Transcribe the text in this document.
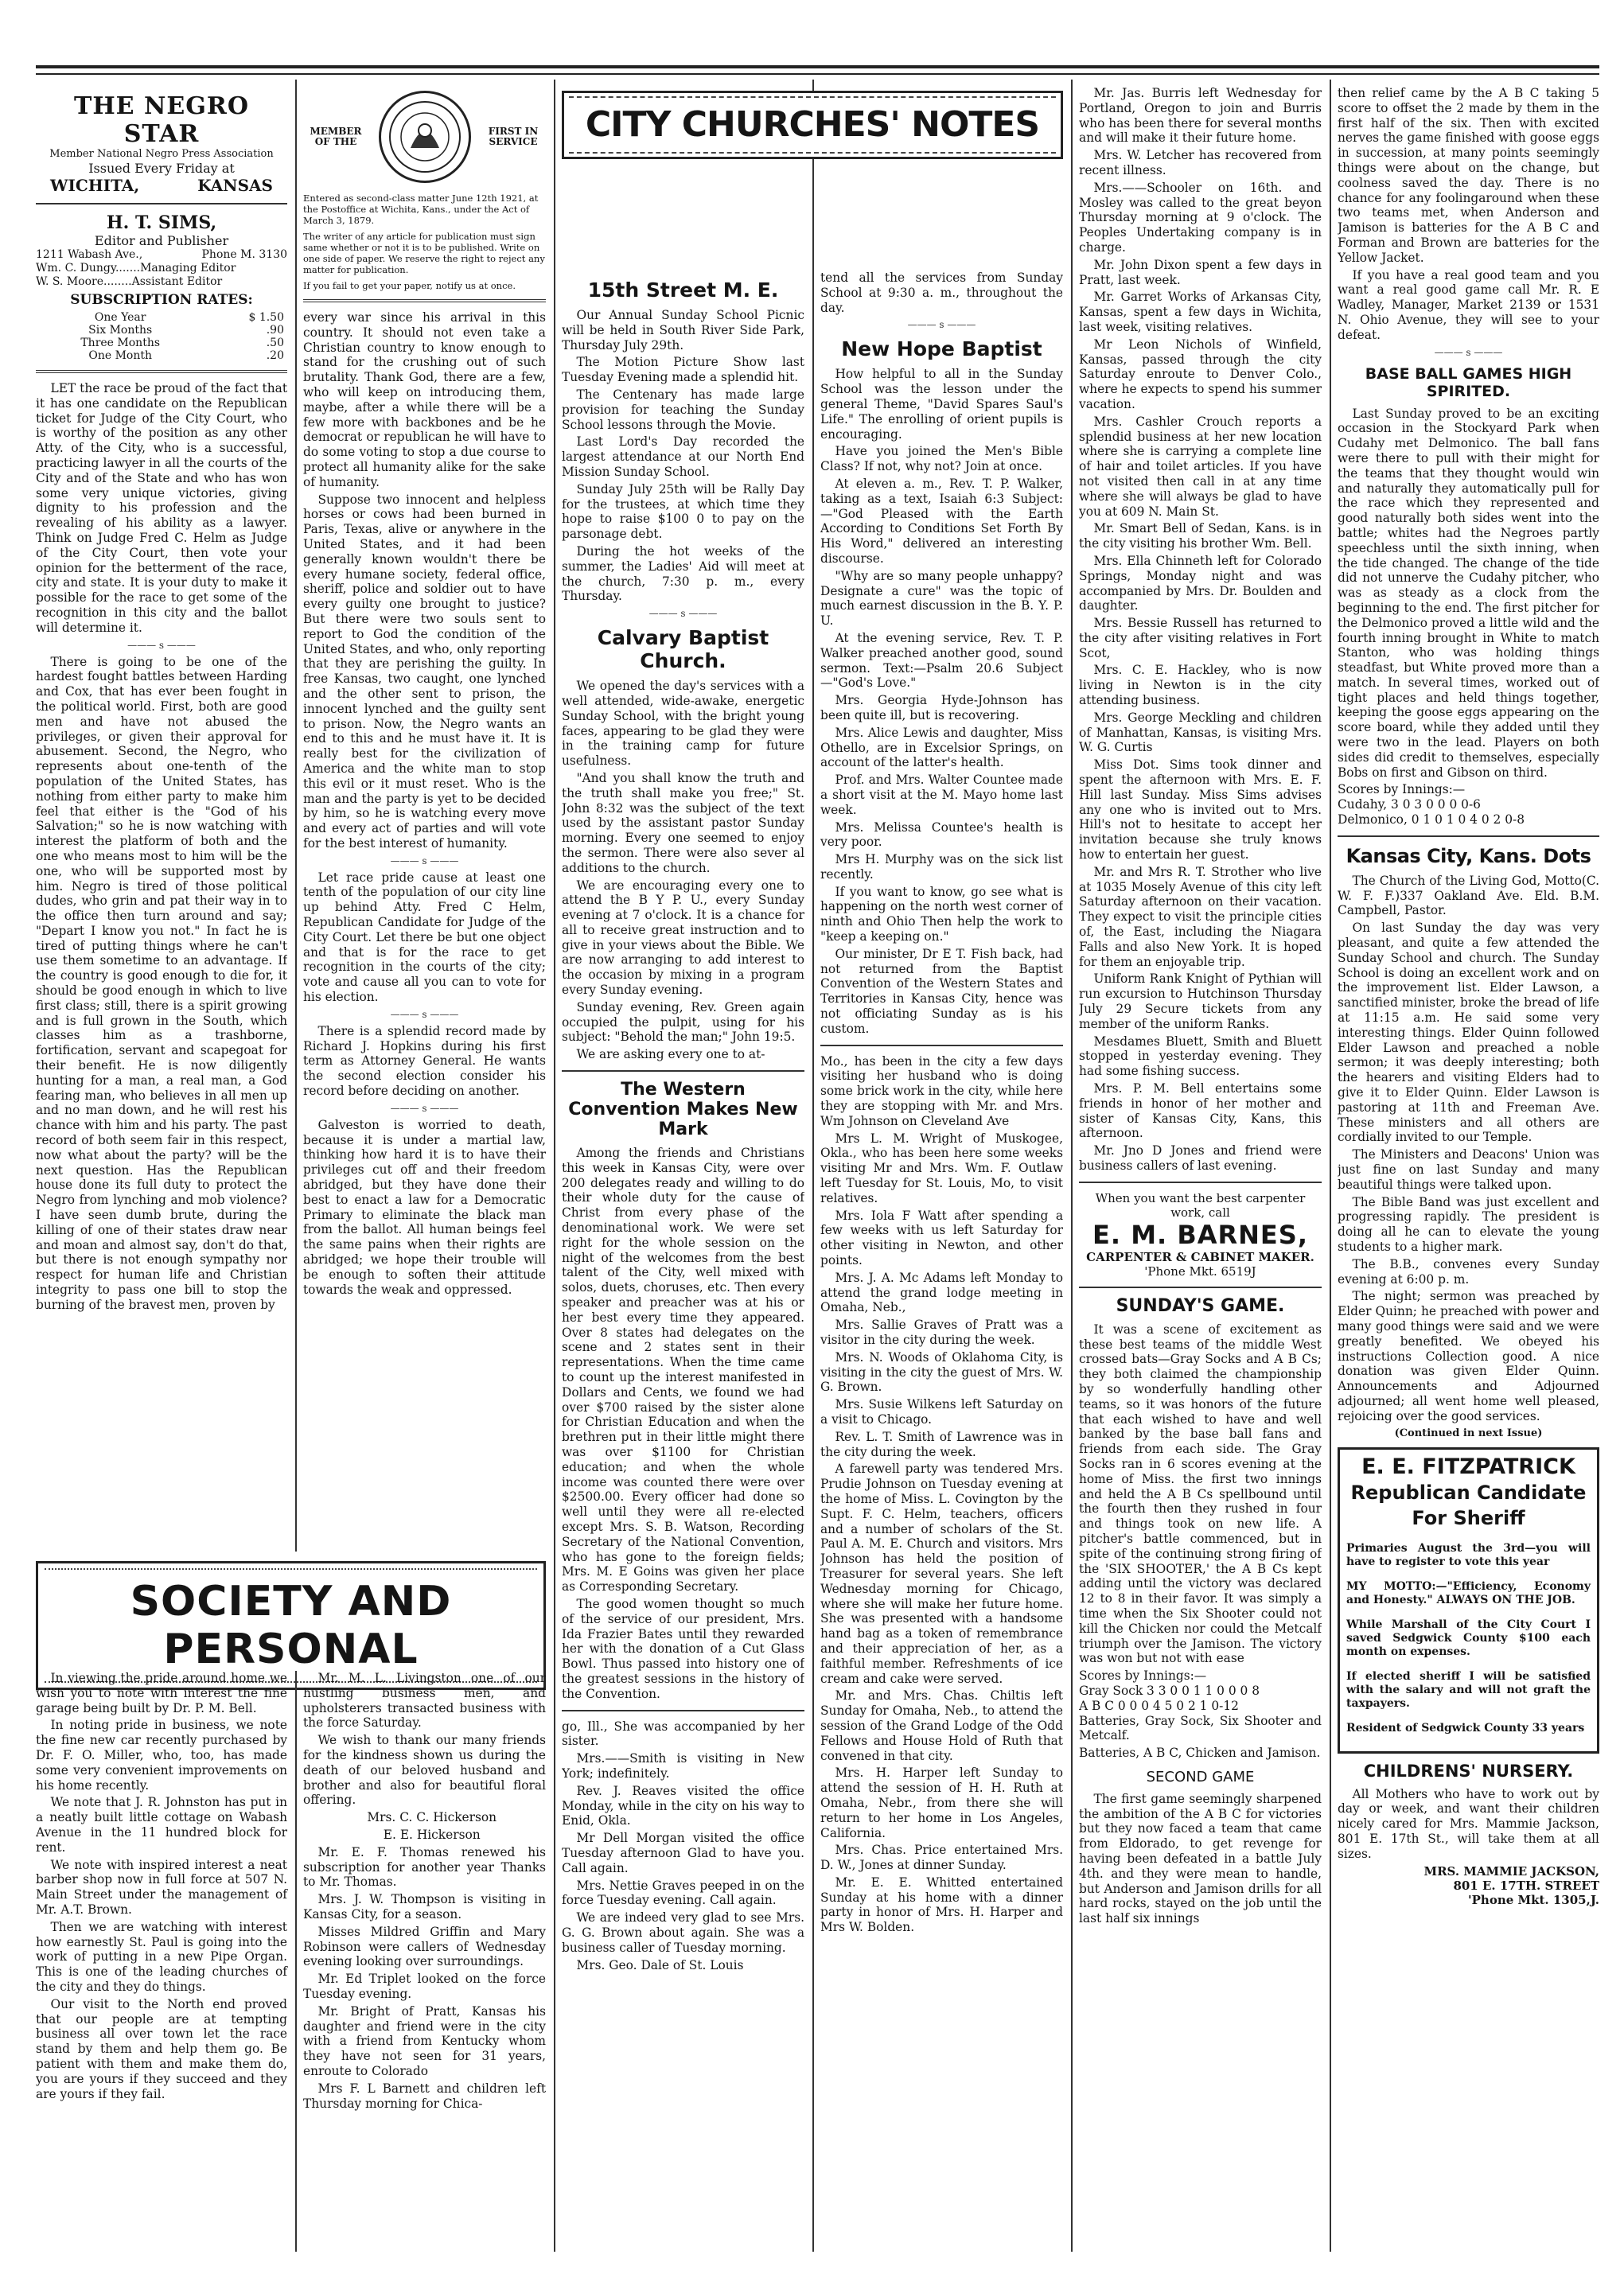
THE NEGRO STAR
Member National Negro Press Association
Issued Every Friday at
WICHITA,	KANSAS
H. T. SIMS,
Editor and Publisher
1211 Wabash Ave.,	Phone M. 3130
Wm. C. Dungy.......Managing Editor
W. S. Moore........Assistant Editor
SUBSCRIPTION RATES:
One Year	$ 1.50
Six Months	.90
Three Months	.50
One Month	.20

LET the race be proud of the fact that it has one candidate on the Republican ticket for Judge of the City Court, who is worthy of the position as any other Atty. of the City, who is a successful, practicing lawyer in all the courts of the City and of the State and who has won some very unique victories, giving dignity to his profession and the revealing of his ability as a lawyer. Think on Judge Fred C. Helm as Judge of the City Court, then vote your opinion for the betterment of the race, city and state. It is your duty to make it possible for the race to get some of the recognition in this city and the ballot will determine it.

——— s ———

There is going to be one of the hardest fought battles between Harding and Cox, that has ever been fought in the political world. First, both are good men and have not abused the privileges, or given their approval for abusement. Second, the Negro, who represents about one-tenth of the population of the United States, has nothing from either party to make him feel that either is the "God of his Salvation;" so he is now watching with interest the platform of both and the one who means most to him will be the one, who will be supported most by him. Negro is tired of those political dudes, who grin and pat their way in to the office then turn around and say; "Depart I know you not." In fact he is tired of putting things where he can't use them sometime to an advantage. If the country is good enough to die for, it should be good enough in which to live first class; still, there is a spirit growing and is full grown in the South, which classes him as a trashborne, fortification, servant and scapegoat for their benefit. He is now diligently hunting for a man, a real man, a God fearing man, who believes in all men up and no man down, and he will rest his chance with him and his party. The past record of both seem fair in this respect, now what about the party? will be the next question. Has the Republican house done its full duty to protect the Negro from lynching and mob violence? I have seen dumb brute, during the killing of one of their states draw near and moan and almost say, don't do that, but there is not enough sympathy nor respect for human life and Christian integrity to pass one bill to stop the burning of the bravest men, proven by

MEMBER OF THE
FIRST IN SERVICE
Entered as second-class matter June 12th 1921, at the Postoffice at Wichita, Kans., under the Act of March 3, 1879.
The writer of any article for publication must sign same whether or not it is to be published. Write on one side of paper. We reserve the right to reject any matter for publication.
If you fail to get your paper, notify us at once.

every war since his arrival in this country. It should not even take a Christian country to know enough to stand for the crushing out of such brutality. Thank God, there are a few, who will keep on introducing them, maybe, after a while there will be a few more with backbones and be he democrat or republican he will have to do some voting to stop a due course to protect all humanity alike for the sake of humanity.

Suppose two innocent and helpless horses or cows had been burned in Paris, Texas, alive or anywhere in the United States, and it had been generally known wouldn't there be every humane society, federal office, sheriff, police and soldier out to have every guilty one brought to justice? But there were two souls sent to report to God the condition of the United States, and who, only reporting that they are perishing the guilty. In free Kansas, two caught, one lynched and the other sent to prison, the innocent lynched and the guilty sent to prison. Now, the Negro wants an end to this and he must have it. It is really best for the civilization of America and the white man to stop this evil or it must reset. Who is the man and the party is yet to be decided by him, so he is watching every move and every act of parties and will vote for the best interest of humanity.

——— s ———

Let race pride cause at least one tenth of the population of our city line up behind Atty. Fred C Helm, Republican Candidate for Judge of the City Court. Let there be but one object and that is for the race to get recognition in the courts of the city; vote and cause all you can to vote for his election.

——— s ———

There is a splendid record made by Richard J. Hopkins during his first term as Attorney General. He wants the second election consider his record before deciding on another.

——— s ———

Galveston is worried to death, because it is under a martial law, thinking how hard it is to have their privileges cut off and their freedom abridged, but they have done their best to enact a law for a Democratic Primary to eliminate the black man from the ballot. All human beings feel the same pains when their rights are abridged; we hope their trouble will be enough to soften their attitude towards the weak and oppressed.

SOCIETY AND PERSONAL

In viewing the pride around home we wish you to note with interest the fine garage being built by Dr. P. M. Bell.

In noting pride in business, we note the fine new car recently purchased by Dr. F. O. Miller, who, too, has made some very convenient improvements on his home recently.

We note that J. R. Johnston has put in a neatly built little cottage on Wabash Avenue in the 11 hundred block for rent.

We note with inspired interest a neat barber shop now in full force at 507 N. Main Street under the management of Mr. A.T. Brown.

Then we are watching with interest how earnestly St. Paul is going into the work of putting in a new Pipe Organ. This is one of the leading churches of the city and they do things.

Our visit to the North end proved that our people are at tempting business all over town let the race stand by them and help them go. Be patient with them and make them do, you are yours if they succeed and they are yours if they fail.

Mr. M. L. Livingston one of our hustling business men, and upholsterers transacted business with the force Saturday.

We wish to thank our many friends for the kindness shown us during the death of our beloved husband and brother and also for beautiful floral offering.

Mrs. C. C. Hickerson

E. E. Hickerson

Mr. E. F. Thomas renewed his subscription for another year Thanks to Mr. Thomas.

Mrs. J. W. Thompson is visiting in Kansas City, for a season.

Misses Mildred Griffin and Mary Robinson were callers of Wednesday evening looking over surroundings.

Mr. Ed Triplet looked on the force Tuesday evening.

Mr. Bright of Pratt, Kansas his daughter and friend were in the city with a friend from Kentucky whom they have not seen for 31 years, enroute to Colorado

Mrs F. L Barnett and children left Thursday morning for Chica-

CITY CHURCHES' NOTES
15th Street M. E.

Our Annual Sunday School Picnic will be held in South River Side Park, Thursday July 29th.

The Motion Picture Show last Tuesday Evening made a splendid hit.

The Centenary has made large provision for teaching the Sunday School lessons through the Movie.

Last Lord's Day recorded the largest attendance at our North End Mission Sunday School.

Sunday July 25th will be Rally Day for the trustees, at which time they hope to raise $100 0 to pay on the parsonage debt.

During the hot weeks of the summer, the Ladies' Aid will meet at the church, 7:30 p. m., every Thursday.

——— s ———
Calvary Baptist Church.

We opened the day's services with a well attended, wide-awake, energetic Sunday School, with the bright young faces, appearing to be glad they were in the training camp for future usefulness.

"And you shall know the truth and the truth shall make you free;" St. John 8:32 was the subject of the text used by the assistant pastor Sunday morning. Every one seemed to enjoy the sermon. There were also sever al additions to the church.

We are encouraging every one to attend the B Y P. U., every Sunday evening at 7 o'clock. It is a chance for all to receive great instruction and to give in your views about the Bible. We are now arranging to add interest to the occasion by mixing in a program every Sunday evening.

Sunday evening, Rev. Green again occupied the pulpit, using for his subject: "Behold the man;" John 19:5.

We are asking every one to at-

The Western Convention Makes New Mark

Among the friends and Christians this week in Kansas City, were over 200 delegates ready and willing to do their whole duty for the cause of Christ from every phase of the denominational work. We were set right for the whole session on the night of the welcomes from the best talent of the City, well mixed with solos, duets, choruses, etc. Then every speaker and preacher was at his or her best every time they appeared. Over 8 states had delegates on the scene and 2 states sent in their representations. When the time came to count up the interest manifested in Dollars and Cents, we found we had over $700 raised by the sister alone for Christian Education and when the brethren put in their little might there was over $1100 for Christian education; and when the whole income was counted there were over $2500.00. Every officer had done so well until they were all re-elected except Mrs. S. B. Watson, Recording Secretary of the National Convention, who has gone to the foreign fields; Mrs. M. E Goins was given her place as Corresponding Secretary.

The good women thought so much of the service of our president, Mrs. Ida Frazier Bates until they rewarded her with the donation of a Cut Glass Bowl. Thus passed into history one of the greatest sessions in the history of the Convention.

go, Ill., She was accompanied by her sister.

Mrs.——Smith is visiting in New York; indefinitely.

Rev. J. Reaves visited the office Monday, while in the city on his way to Enid, Okla.

Mr Dell Morgan visited the office Tuesday afternoon Glad to have you. Call again.

Mrs. Nettie Graves peeped in on the force Tuesday evening. Call again.

We are indeed very glad to see Mrs. G. G. Brown about again. She was a business caller of Tuesday morning.

Mrs. Geo. Dale of St. Louis

tend all the services from Sunday School at 9:30 a. m., throughout the day.

——— s ———
New Hope Baptist

How helpful to all in the Sunday School was the lesson under the general Theme, "David Spares Saul's Life." The enrolling of orient pupils is encouraging.

Have you joined the Men's Bible Class? If not, why not? Join at once.

At eleven a. m., Rev. T. P. Walker, taking as a text, Isaiah 6:3 Subject:—"God Pleased with the Earth According to Conditions Set Forth By His Word," delivered an interesting discourse.

"Why are so many people unhappy? Designate a cure" was the topic of much earnest discussion in the B. Y. P. U.

At the evening service, Rev. T. P. Walker preached another good, sound sermon. Text:—Psalm 20.6 Subject—"God's Love."

Mrs. Georgia Hyde-Johnson has been quite ill, but is recovering.

Mrs. Alice Lewis and daughter, Miss Othello, are in Excelsior Springs, on account of the latter's health.

Prof. and Mrs. Walter Countee made a short visit at the M. Mayo home last week.

Mrs. Melissa Countee's health is very poor.

Mrs H. Murphy was on the sick list recently.

If you want to know, go see what is happening on the north west corner of ninth and Ohio Then help the work to "keep a keeping on."

Our minister, Dr E T. Fish back, had not returned from the Baptist Convention of the Western States and Territories in Kansas City, hence was not officiating Sunday as is his custom.

Mo., has been in the city a few days visiting her husband who is doing some brick work in the city, while here they are stopping with Mr. and Mrs. Wm Johnson on Cleveland Ave

Mrs L. M. Wright of Muskogee, Okla., who has been here some weeks visiting Mr and Mrs. Wm. F. Outlaw left Tuesday for St. Louis, Mo, to visit relatives.

Mrs. Iola F Watt after spending a few weeks with us left Saturday for other visiting in Newton, and other points.

Mrs. J. A. Mc Adams left Monday to attend the grand lodge meeting in Omaha, Neb.,

Mrs. Sallie Graves of Pratt was a visitor in the city during the week.

Mrs. N. Woods of Oklahoma City, is visiting in the city the guest of Mrs. W. G. Brown.

Mrs. Susie Wilkens left Saturday on a visit to Chicago.

Rev. L. T. Smith of Lawrence was in the city during the week.

A farewell party was tendered Mrs. Prudie Johnson on Tuesday evening at the home of Miss. L. Covington by the Supt. F. C. Helm, teachers, officers and a number of scholars of the St. Paul A. M. E. Church and visitors. Mrs Johnson has held the position of Treasurer for several years. She left Wednesday morning for Chicago, where she will make her future home. She was presented with a handsome hand bag as a token of remembrance and their appreciation of her, as a faithful member. Refreshments of ice cream and cake were served.

Mr. and Mrs. Chas. Chiltis left Sunday for Omaha, Neb., to attend the session of the Grand Lodge of the Odd Fellows and House Hold of Ruth that convened in that city.

Mrs. H. Harper left Sunday to attend the session of H. H. Ruth at Omaha, Nebr., from there she will return to her home in Los Angeles, California.

Mrs. Chas. Price entertained Mrs. D. W., Jones at dinner Sunday.

Mr. E. E. Whitted entertained Sunday at his home with a dinner party in honor of Mrs. H. Harper and Mrs W. Bolden.

Mr. Jas. Burris left Wednesday for Portland, Oregon to join and Burris who has been there for several months and will make it their future home.

Mrs. W. Letcher has recovered from recent illness.

Mrs.——Schooler on 16th. and Mosley was called to the great beyon Thursday morning at 9 o'clock. The Peoples Undertaking company is in charge.

Mr. John Dixon spent a few days in Pratt, last week.

Mr. Garret Works of Arkansas City, Kansas, spent a few days in Wichita, last week, visiting relatives.

Mr Leon Nichols of Winfield, Kansas, passed through the city Saturday enroute to Denver Colo., where he expects to spend his summer vacation.

Mrs. Cashler Crouch reports a splendid business at her new location where she is carrying a complete line of hair and toilet articles. If you have not visited then call in at any time where she will always be glad to have you at 609 N. Main St.

Mr. Smart Bell of Sedan, Kans. is in the city visiting his brother Wm. Bell.

Mrs. Ella Chinneth left for Colorado Springs, Monday night and was accompanied by Mrs. Dr. Boulden and daughter.

Mrs. Bessie Russell has returned to the city after visiting relatives in Fort Scot,

Mrs. C. E. Hackley, who is now living in Newton is in the city attending business.

Mrs. George Meckling and children of Manhattan, Kansas, is visiting Mrs. W. G. Curtis

Miss Dot. Sims took dinner and spent the afternoon with Mrs. E. F. Hill last Sunday. Miss Sims advises any one who is invited out to Mrs. Hill's not to hesitate to accept her invitation because she truly knows how to entertain her guest.

Mr. and Mrs R. T. Strother who live at 1035 Mosely Avenue of this city left Saturday afternoon on their vacation. They expect to visit the principle cities of, the East, including the Niagara Falls and also New York. It is hoped for them an enjoyable trip.

Uniform Rank Knight of Pythian will run excursion to Hutchinson Thursday July 29 Secure tickets from any member of the uniform Ranks.

Mesdames Bluett, Smith and Bluett stopped in yesterday evening. They had some fishing success.

Mrs. P. M. Bell entertains some friends in honor of her mother and sister of Kansas City, Kans, this afternoon.

Mr. Jno D Jones and friend were business callers of last evening.

When you want the best carpenter work, call
E. M. BARNES,
CARPENTER & CABINET MAKER.
'Phone Mkt. 6519J
SUNDAY'S GAME.

It was a scene of excitement as these best teams of the middle West crossed bats—Gray Socks and A B Cs; they both claimed the championship by so wonderfully handling other teams, so it was honors of the future that each wished to have and well banked by the base ball fans and friends from each side. The Gray Socks ran in 6 scores evening at the home of Miss. the first two innings and held the A B Cs spellbound until the fourth then they rushed in four and things took on new life. A pitcher's battle commenced, but in spite of the continuing strong firing of the 'SIX SHOOTER,' the A B Cs kept adding until the victory was declared 12 to 8 in their favor. It was simply a time when the Six Shooter could not kill the Chicken nor could the Metcalf triumph over the Jamison. The victory was won but not with ease

Scores by Innings:—
Gray Sock 3 3 0 0 1 1 0 0 0 8
A B C 0 0 0 4 5 0 2 1 0-12

Batteries, Gray Sock, Six Shooter and Metcalf.

Batteries, A B C, Chicken and Jamison.

SECOND GAME

The first game seemingly sharpened the ambition of the A B C for victories but they now faced a team that came from Eldorado, to get revenge for having been defeated in a battle July 4th. and they were mean to handle, but Anderson and Jamison drills for all hard rocks, stayed on the job until the last half six innings

then relief came by the A B C taking 5 score to offset the 2 made by them in the first half of the six. Then with excited nerves the game finished with goose eggs in succession, at many points seemingly things were about on the change, but coolness saved the day. There is no chance for any foolingaround when these two teams met, when Anderson and Jamison is batteries for the A B C and Forman and Brown are batteries for the Yellow Jacket.

If you have a real good team and you want a real good game call Mr. R. E Wadley, Manager, Market 2139 or 1531 N. Ohio Avenue, they will see to your defeat.

——— s ———
BASE BALL GAMES HIGH SPIRITED.

Last Sunday proved to be an exciting occasion in the Stockyard Park when Cudahy met Delmonico. The ball fans were there to pull with their might for the teams that they thought would win and naturally they automatically pull for the race which they represented and good naturally both sides went into the battle; whites had the Negroes partly speechless until the sixth inning, when the tide changed. The change of the tide did not unnerve the Cudahy pitcher, who was as steady as a clock from the beginning to the end. The first pitcher for the Delmonico proved a little wild and the fourth inning brought in White to match Stanton, who was holding things steadfast, but White proved more than a match. In several times, worked out of tight places and held things together, keeping the goose eggs appearing on the score board, while they added until they were two in the lead. Players on both sides did credit to themselves, especially Bobs on first and Gibson on third.

Scores by Innings:—
Cudahy, 3 0 3 0 0 0 0-6
Delmonico, 0 1 0 1 0 4 0 2 0-8
Kansas City, Kans. Dots

The Church of the Living God, Motto(C. W. F. F.)337 Oakland Ave. Eld. B.M. Campbell, Pastor.

On last Sunday the day was very pleasant, and quite a few attended the Sunday School and church. The Sunday School is doing an excellent work and on the improvement list. Elder Lawson, a sanctified minister, broke the bread of life at 11:15 a.m. He said some very interesting things. Elder Quinn followed Elder Lawson and preached a noble sermon; it was deeply interesting; both the hearers and visiting Elders had to give it to Elder Quinn. Elder Lawson is pastoring at 11th and Freeman Ave. These ministers and all others are cordially invited to our Temple.

The Ministers and Deacons' Union was just fine on last Sunday and many beautiful things were talked upon.

The Bible Band was just excellent and progressing rapidly. The president is doing all he can to elevate the young students to a higher mark.

The B.B., convenes every Sunday evening at 6:00 p. m.

The night; sermon was preached by Elder Quinn; he preached with power and many good things were said and we were greatly benefited. We obeyed his instructions Collection good. A nice donation was given Elder Quinn. Announcements and Adjourned adjourned; all went home well pleased, rejoicing over the good services.

(Continued in next Issue)
E. E. FITZPATRICK
Republican Candidate For Sheriff

Primaries August the 3rd—you will have to register to vote this year

MY MOTTO:—"Efficiency, Economy and Honesty." ALWAYS ON THE JOB.

While Marshall of the City Court I saved Sedgwick County $100 each month on expenses.

If elected sheriff I will be satisfied with the salary and will not graft the taxpayers.

Resident of Sedgwick County 33 years

CHILDRENS' NURSERY.

All Mothers who have to work out by day or week, and want their children nicely cared for Mrs. Mammie Jackson, 801 E. 17th St., will take them at all sizes.

MRS. MAMMIE JACKSON,
801 E. 17TH. STREET
'Phone Mkt. 1305,J.
